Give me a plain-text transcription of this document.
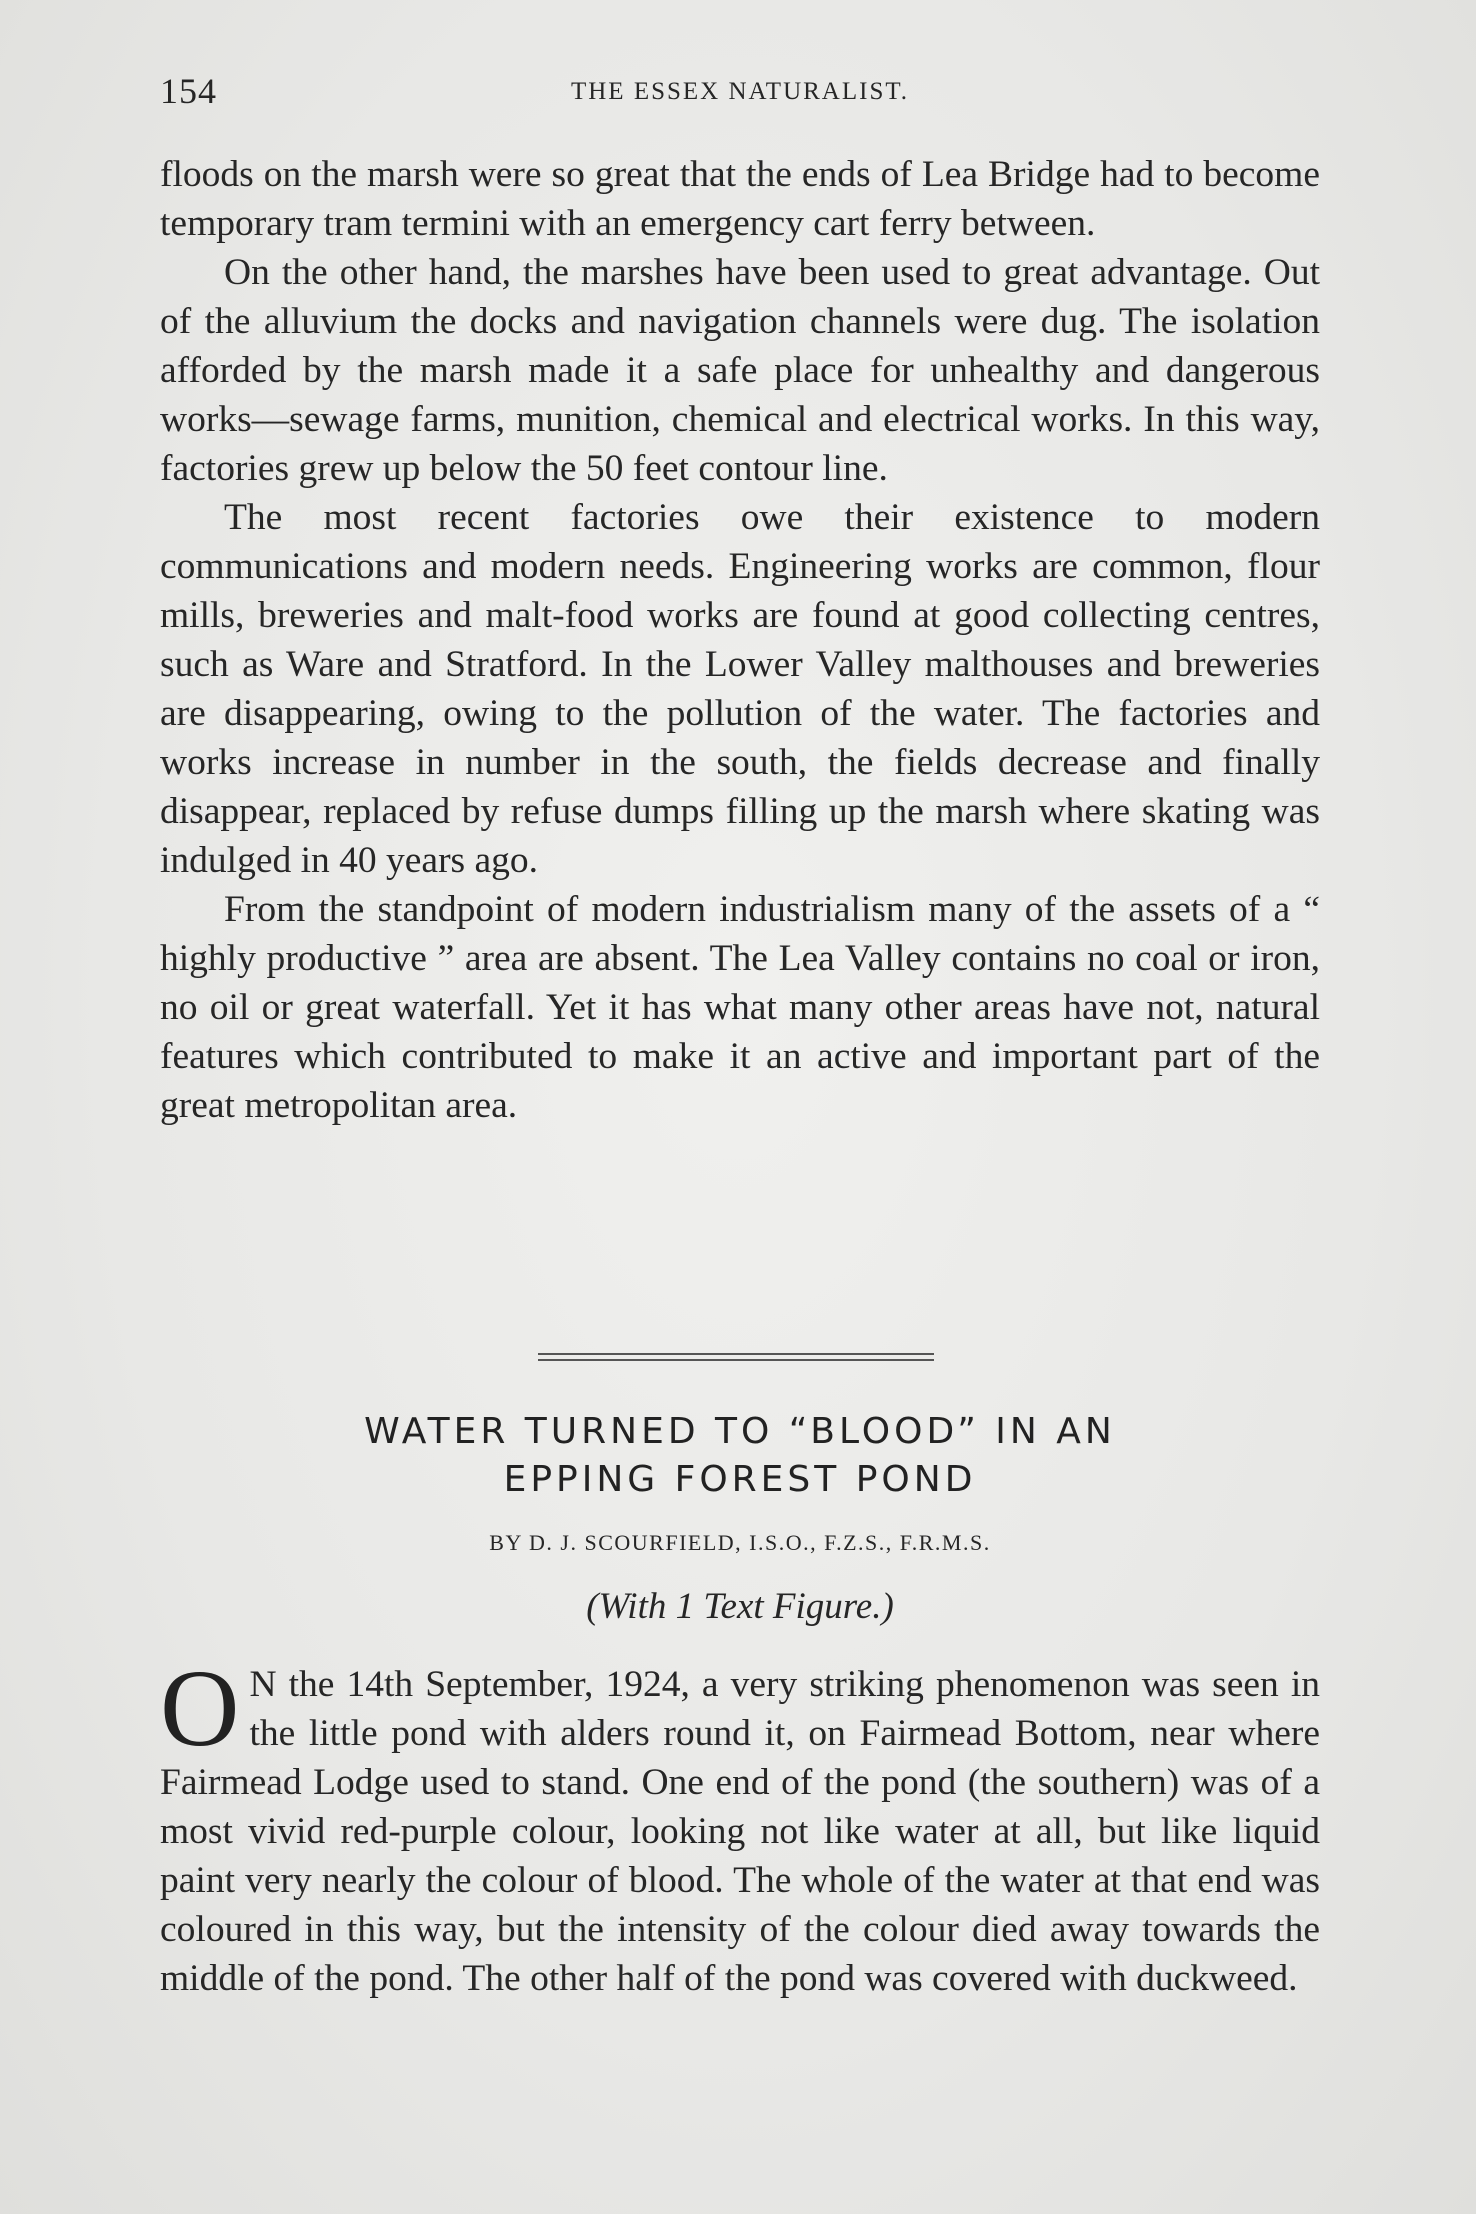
154	THE ESSEX NATURALIST.

floods on the marsh were so great that the ends of Lea Bridge had to become temporary tram termini with an emergency cart ferry between.

On the other hand, the marshes have been used to great advantage. Out of the alluvium the docks and navigation channels were dug. The isolation afforded by the marsh made it a safe place for unhealthy and dangerous works—sewage farms, munition, chemical and electrical works. In this way, factories grew up below the 50 feet contour line.

The most recent factories owe their existence to modern communications and modern needs. Engineering works are common, flour mills, breweries and malt-food works are found at good collecting centres, such as Ware and Stratford. In the Lower Valley malthouses and breweries are disappearing, owing to the pollution of the water. The factories and works increase in number in the south, the fields decrease and finally disappear, replaced by refuse dumps filling up the marsh where skating was indulged in 40 years ago.

From the standpoint of modern industrialism many of the assets of a “ highly productive ” area are absent. The Lea Valley contains no coal or iron, no oil or great waterfall. Yet it has what many other areas have not, natural features which contributed to make it an active and important part of the great metropolitan area.

WATER TURNED TO “BLOOD” IN AN
EPPING FOREST POND
BY D. J. SCOURFIELD, I.S.O., F.Z.S., F.R.M.S.
(With 1 Text Figure.)

O N the 14th September, 1924, a very striking phenomenon was seen in the little pond with alders round it, on Fairmead Bottom, near where Fairmead Lodge used to stand. One end of the pond (the southern) was of a most vivid red-purple colour, looking not like water at all, but like liquid paint very nearly the colour of blood. The whole of the water at that end was coloured in this way, but the intensity of the colour died away towards the middle of the pond. The other half of the pond was covered with duckweed.
